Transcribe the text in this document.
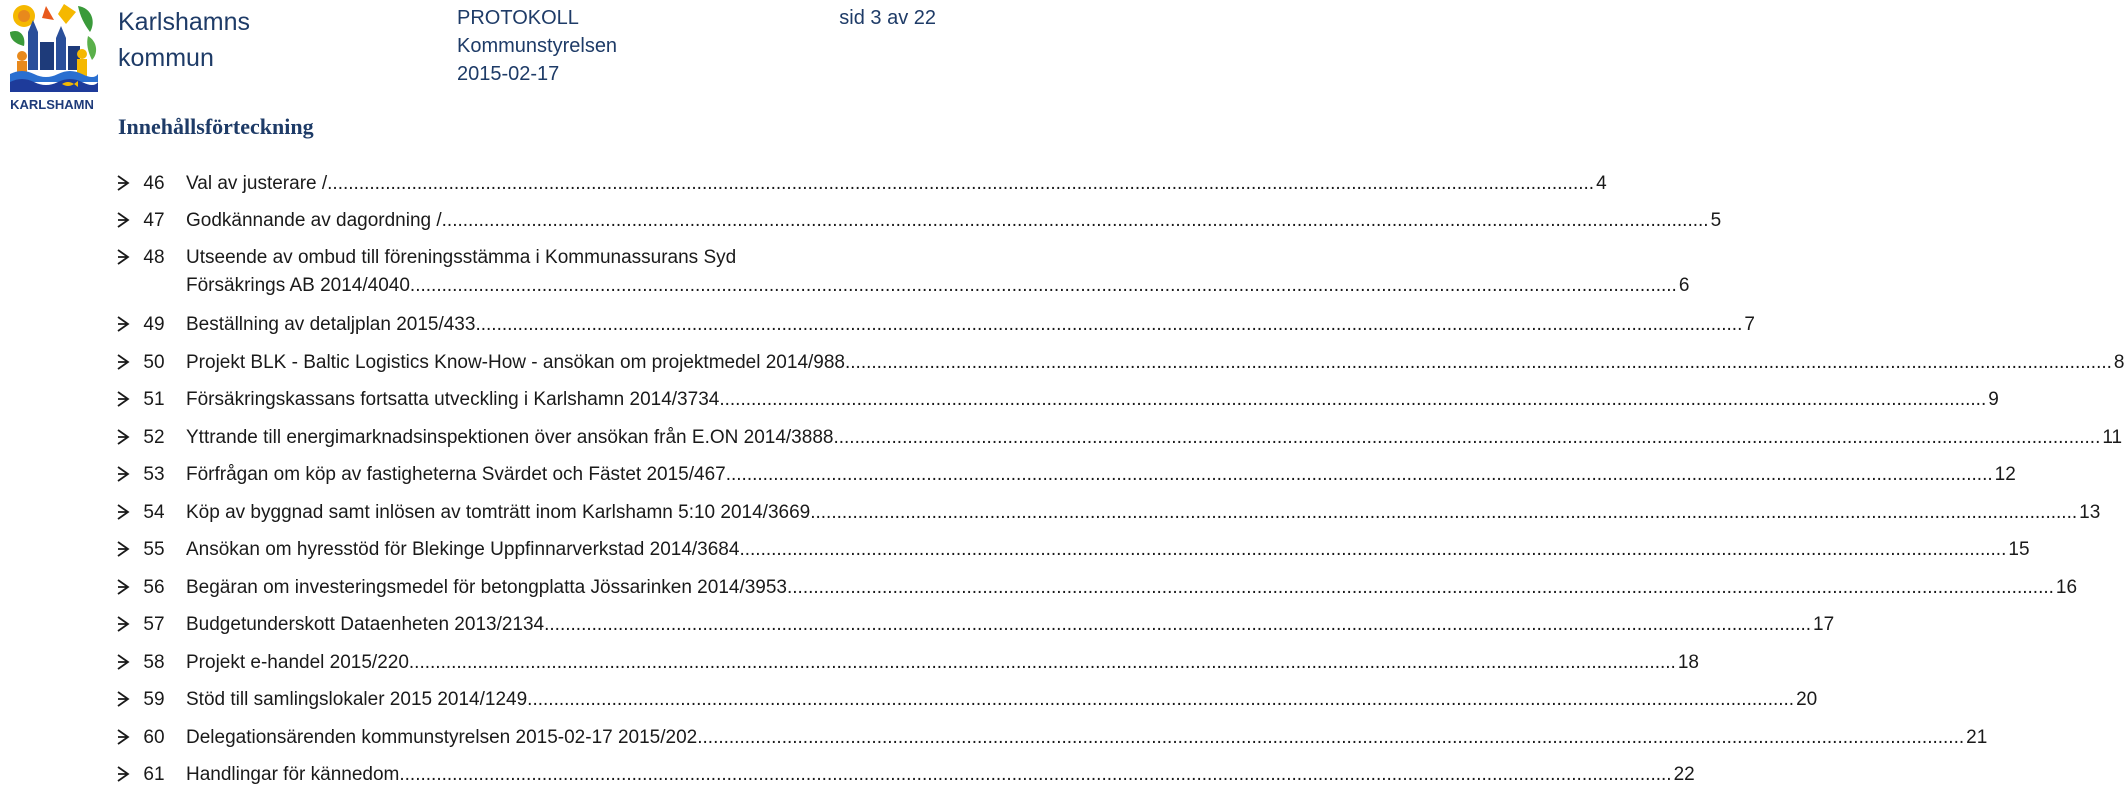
KARLSHAMN
Karlshamns
kommun
PROTOKOLL
Kommunstyrelsen
2015-02-17
sid 3 av 22
Innehållsförteckning
46	Val av justerare / .....	4
47	Godkännande av dagordning / .....	5
48	Utseende av ombud till föreningsstämma i Kommunassurans Syd
Försäkrings AB 2014/4040 .....	6
49	Beställning av detaljplan 2015/433 .....	7
50	Projekt BLK - Baltic Logistics Know-How - ansökan om projektmedel 2014/988 .....	8
51	Försäkringskassans fortsatta utveckling i Karlshamn 2014/3734 .....	9
52	Yttrande till energimarknadsinspektionen över ansökan från E.ON 2014/3888 .....	11
53	Förfrågan om köp av fastigheterna Svärdet och Fästet 2015/467 .....	12
54	Köp av byggnad samt inlösen av tomträtt inom Karlshamn 5:10 2014/3669 .....	13
55	Ansökan om hyresstöd för Blekinge Uppfinnarverkstad 2014/3684 .....	15
56	Begäran om investeringsmedel för betongplatta Jössarinken 2014/3953 .....	16
57	Budgetunderskott Dataenheten 2013/2134 .....	17
58	Projekt e-handel 2015/220 .....	18
59	Stöd till samlingslokaler 2015 2014/1249 .....	20
60	Delegationsärenden kommunstyrelsen 2015-02-17 2015/202 .....	21
61	Handlingar för kännedom. .....	22
